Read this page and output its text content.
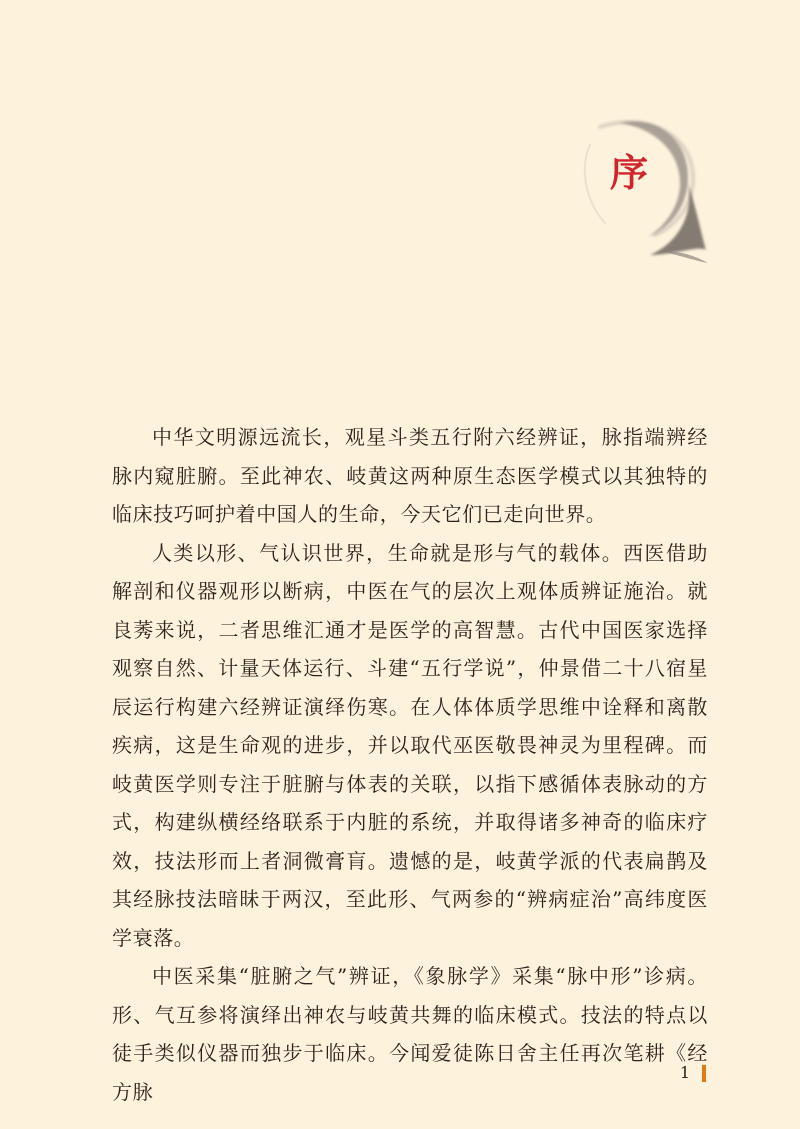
序

中华文明源远流长，观星斗类五行附六经辨证，脉指端辨经脉内窥脏腑。至此神农、岐黄这两种原生态医学模式以其独特的临床技巧呵护着中国人的生命，今天它们已走向世界。

人类以形、气认识世界，生命就是形与气的载体。西医借助解剖和仪器观形以断病，中医在气的层次上观体质辨证施治。就良莠来说，二者思维汇通才是医学的高智慧。古代中国医家选择观察自然、计量天体运行、斗建“五行学说”，仲景借二十八宿星辰运行构建六经辨证演绎伤寒。在人体体质学思维中诠释和离散疾病，这是生命观的进步，并以取代巫医敬畏神灵为里程碑。而岐黄医学则专注于脏腑与体表的关联，以指下感循体表脉动的方式，构建纵横经络联系于内脏的系统，并取得诸多神奇的临床疗效，技法形而上者洞微膏肓。遗憾的是，岐黄学派的代表扁鹊及其经脉技法暗昧于两汉，至此形、气两参的“辨病症治”高纬度医学衰落。

中医采集“脏腑之气”辨证，《象脉学》采集“脉中形”诊病。形、气互参将演绎出神农与岐黄共舞的临床模式。技法的特点以徒手类似仪器而独步于临床。今闻爱徒陈日舍主任再次笔耕《经方脉

1
